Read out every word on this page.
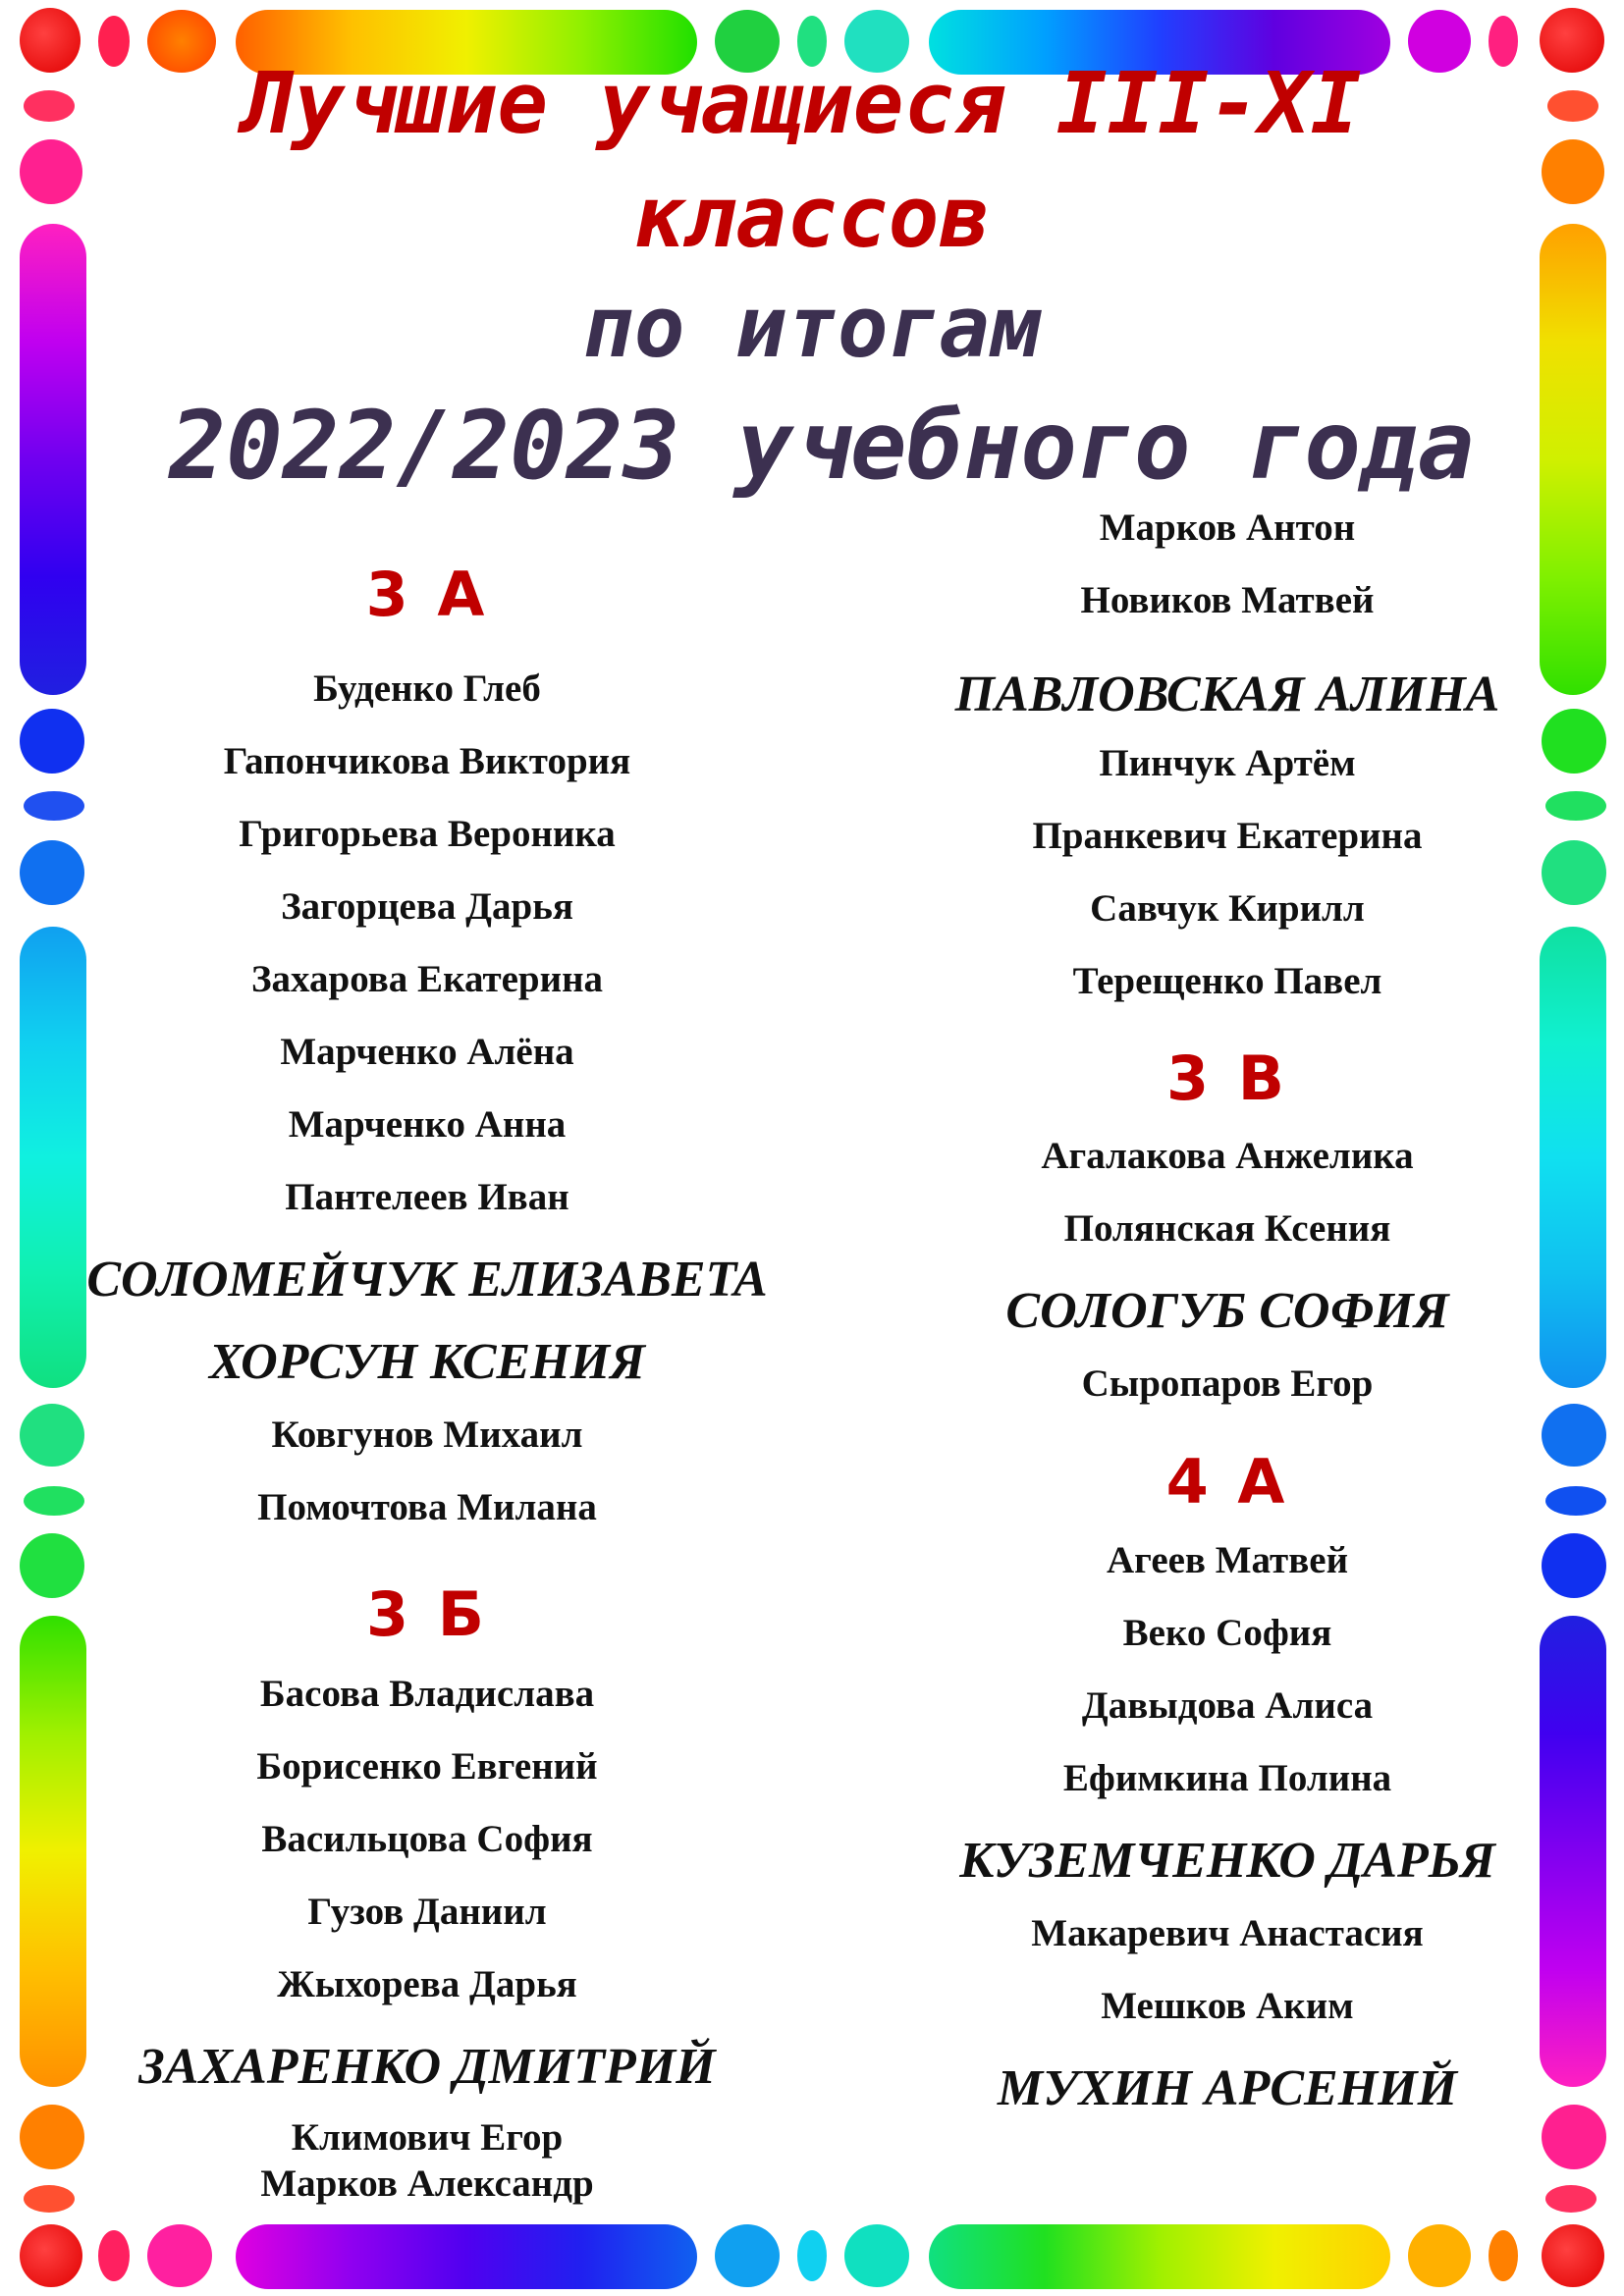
Лучшие учащиеся III-XI
классов
по итогам
2022/2023 учебного года
3 А
Буденко Глеб
Гапончикова Виктория
Григорьева Вероника
Загорцева Дарья
Захарова Екатерина
Марченко Алёна
Марченко Анна
Пантелеев Иван
СОЛОМЕЙЧУК ЕЛИЗАВЕТА
ХОРСУН КСЕНИЯ
Ковгунов Михаил
Помочтова Милана
3 Б
Басова Владислава
Борисенко Евгений
Васильцова София
Гузов Даниил
Жыхорева Дарья
ЗАХАРЕНКО ДМИТРИЙ
Климович Егор
Марков Александр
Марков Антон
Новиков Матвей
ПАВЛОВСКАЯ АЛИНА
Пинчук Артём
Пранкевич Екатерина
Савчук Кирилл
Терещенко Павел
3 В
Агалакова Анжелика
Полянская Ксения
СОЛОГУБ СОФИЯ
Сыропаров Егор
4 А
Агеев Матвей
Веко София
Давыдова Алиса
Ефимкина Полина
КУЗЕМЧЕНКО ДАРЬЯ
Макаревич Анастасия
Мешков Аким
МУХИН АРСЕНИЙ
